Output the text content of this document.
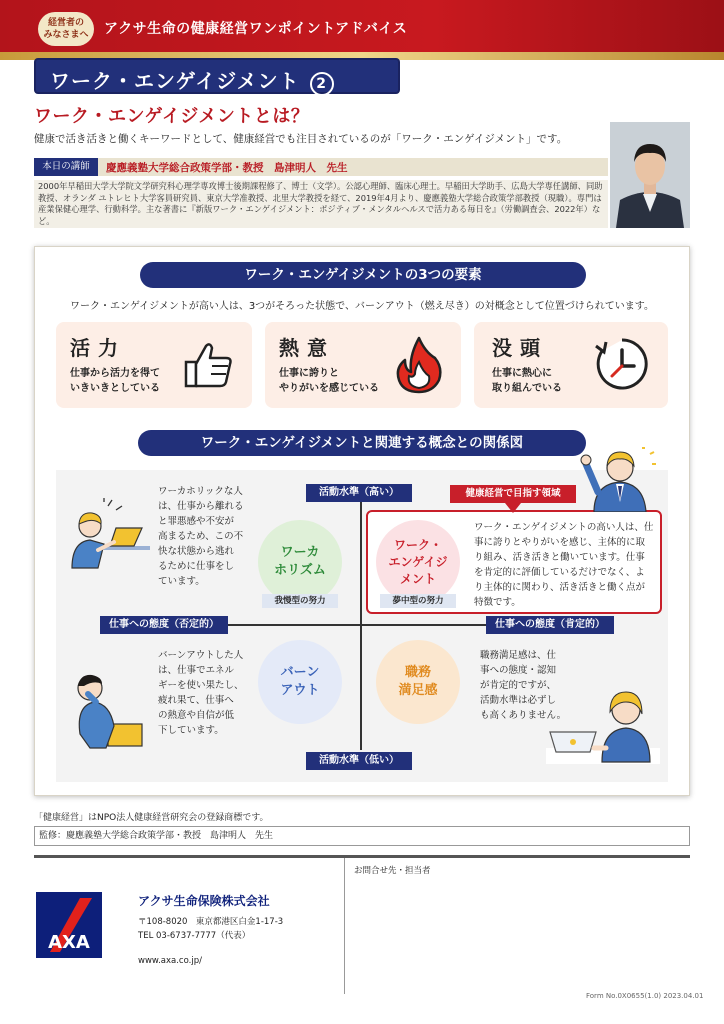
経営者の
みなさまへ	アクサ生命の健康経営ワンポイントアドバイス
ワーク・エンゲイジメント 2
ワーク・エンゲイジメントとは？
健康で活き活きと働くキーワードとして、健康経営でも注目されているのが「ワーク・エンゲイジメント」です。
本日の講師	慶應義塾大学総合政策学部・教授　島津明人　先生
2000年早稲田大学大学院文学研究科心理学専攻博士後期課程修了、博士（文学）。公認心理師、臨床心理士。早稲田大学助手、広島大学専任講師、同助教授、オランダ ユトレヒト大学客員研究員、東京大学准教授、北里大学教授を経て、2019年4月より、慶應義塾大学総合政策学部教授（現職）。専門は産業保健心理学、行動科学。主な著書に『新版ワーク・エンゲイジメント：ポジティブ・メンタルヘルスで活力ある毎日を』（労働調査会、2022年）など。
ワーク・エンゲイジメントの3つの要素
ワーク・エンゲイジメントが高い人は、3つがそろった状態で、バーンアウト（燃え尽き）の対概念として位置づけられています。
活力
仕事から活力を得て
いきいきとしている
熱意
仕事に誇りと
やりがいを感じている
没頭
仕事に熱心に
取り組んでいる
ワーク・エンゲイジメントと関連する概念との関係図
活動水準（高い）
活動水準（低い）
仕事への態度（否定的）	仕事への態度（肯定的）
健康経営で目指す領域
ワーカ
ホリズム
我慢型の努力
ワーク・
エンゲイジ
メント
夢中型の努力
バーン
アウト
職務
満足感
ワーカホリックな人
は、仕事から離れる
と罪悪感や不安が
高まるため、この不
快な状態から逃れ
るために仕事をし
ています。
ワーク・エンゲイジメントの高い人は、仕
事に誇りとやりがいを感じ、主体的に取
り組み、活き活きと働いています。仕事
を肯定的に評価しているだけでなく、よ
り主体的に関わり、活き活きと働く点が
特徴です。
バーンアウトした人
は、仕事でエネル
ギーを使い果たし、
疲れ果て、仕事へ
の熱意や自信が低
下しています。
職務満足感は、仕
事への態度・認知
が肯定的ですが、
活動水準は必ずし
も高くありません。
「健康経営」はNPO法人健康経営研究会の登録商標です。
監修：慶應義塾大学総合政策学部・教授　島津明人　先生
AXA
アクサ生命保険株式会社
〒108-8020　東京都港区白金1-17-3
TEL 03-6737-7777（代表）
www.axa.co.jp/
お問合せ先・担当者
Form No.0X0655(1.0) 2023.04.01
